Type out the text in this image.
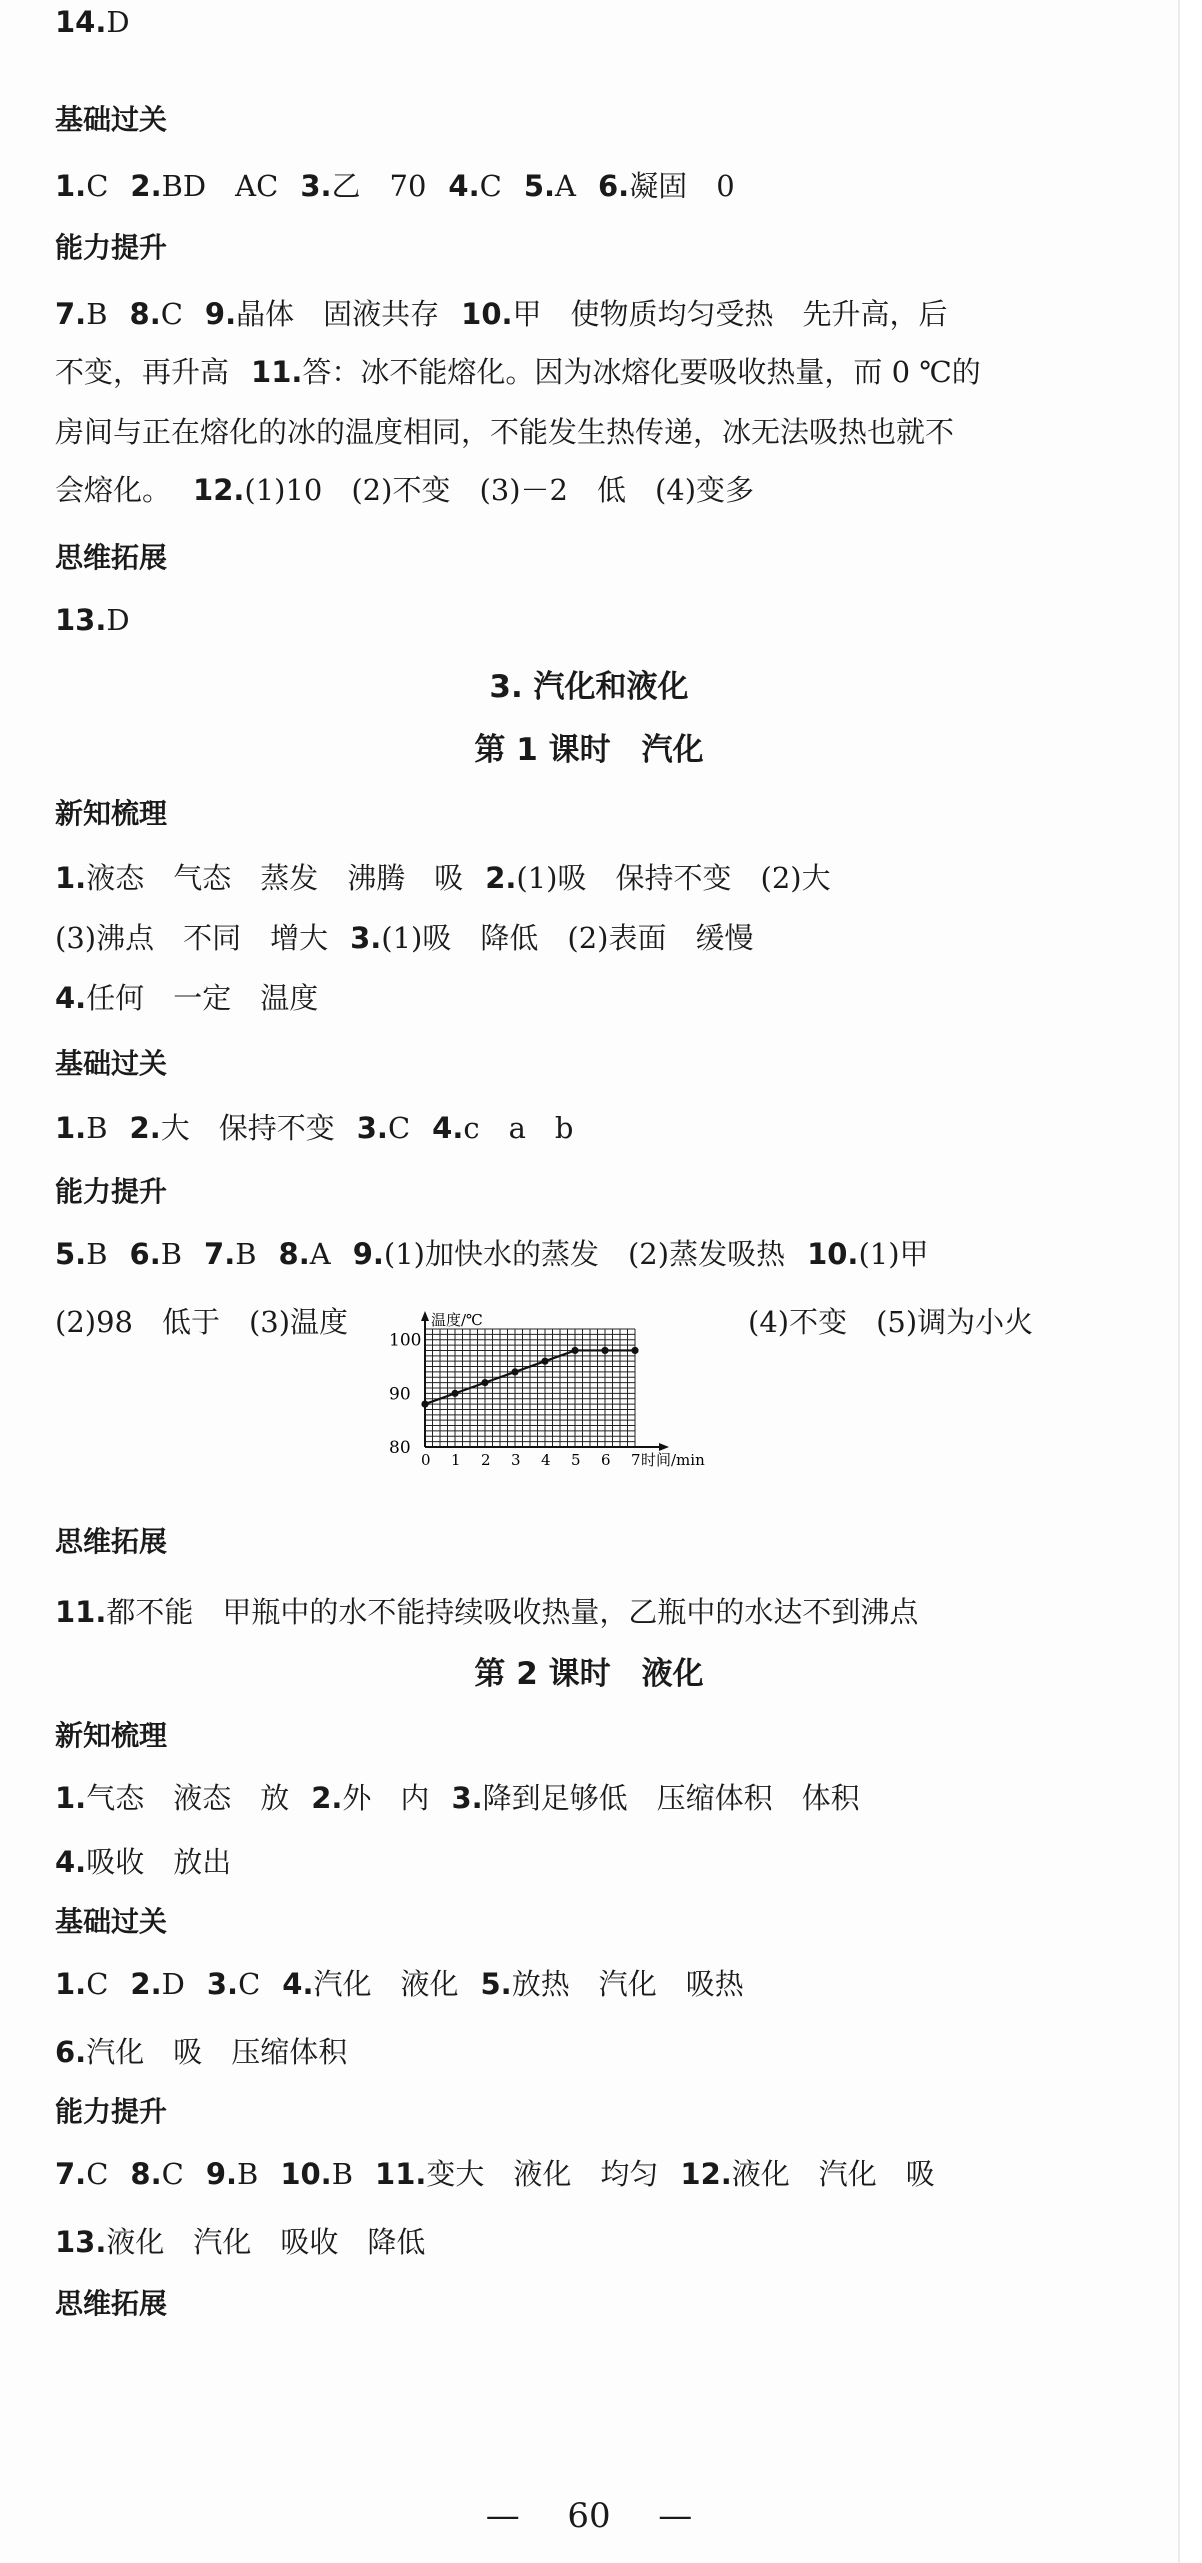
基础过关
1.C 2.BD　AC 3.乙　70 4.C 5.A 6.凝固　0
能力提升
7.B 8.C 9.晶体　固液共存 10.甲　使物质均匀受热　先升高，后
不变，再升高 11.答：冰不能熔化。因为冰熔化要吸收热量，而 0 ℃的
房间与正在熔化的冰的温度相同，不能发生热传递，冰无法吸热也就不
会熔化。 12.(1)10　(2)不变　(3)－2　低　(4)变多
思维拓展
13.D
3. 汽化和液化
第 1 课时　汽化
新知梳理
1.液态　气态　蒸发　沸腾　吸 2.(1)吸　保持不变　(2)大
(3)沸点　不同　增大 3.(1)吸　降低　(2)表面　缓慢
4.任何　一定　温度
基础过关
1.B 2.大　保持不变 3.C 4.c　a　b
能力提升
5.B 6.B 7.B 8.A 9.(1)加快水的蒸发　(2)蒸发吸热 10.(1)甲
(2)98　低于　(3)温度	(4)不变　(5)调为小火
思维拓展
11.都不能　甲瓶中的水不能持续吸收热量，乙瓶中的水达不到沸点
第 2 课时　液化
新知梳理
1.气态　液态　放 2.外　内 3.降到足够低　压缩体积　体积
4.吸收　放出
基础过关
1.C 2.D 3.C 4.汽化　液化 5.放热　汽化　吸热
6.汽化　吸　压缩体积
能力提升
7.C 8.C 9.B 10.B 11.变大　液化　均匀 12.液化　汽化　吸
13.液化　汽化　吸收　降低
思维拓展
14.D
温度/℃
时间/min
0 1 2 3 4 5 6 7
80
90
100
— 60 —
